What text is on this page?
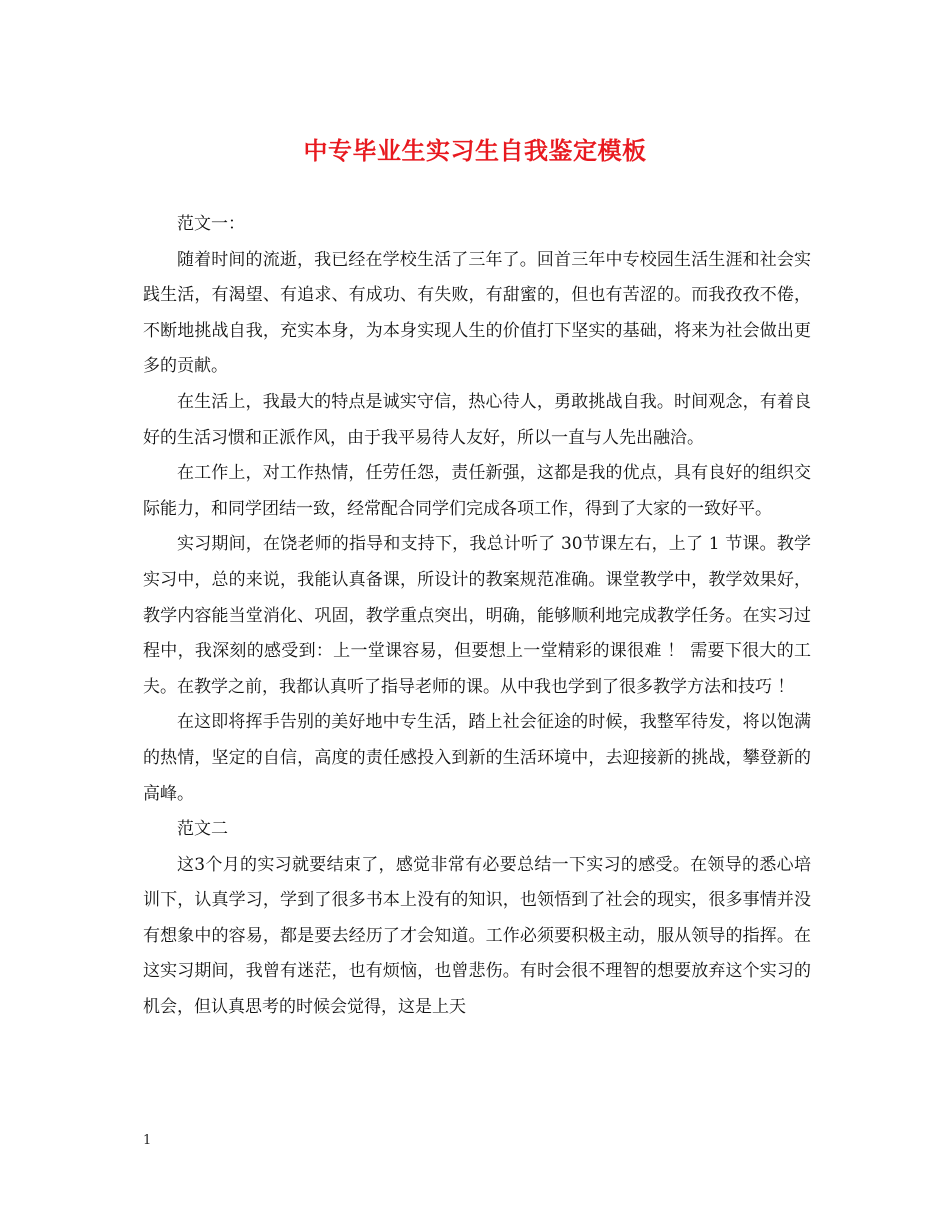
中专毕业生实习生自我鉴定模板

范文一：

随着时间的流逝，我已经在学校生活了三年了。回首三年中专校园生活生涯和社会实践生活，有渴望、有追求、有成功、有失败，有甜蜜的，但也有苦涩的。而我孜孜不倦，不断地挑战自我，充实本身，为本身实现人生的价值打下坚实的基础，将来为社会做出更多的贡献。

在生活上，我最大的特点是诚实守信，热心待人，勇敢挑战自我。时间观念，有着良好的生活习惯和正派作风，由于我平易待人友好，所以一直与人先出融洽。

在工作上，对工作热情，任劳任怨，责任新强，这都是我的优点，具有良好的组织交际能力，和同学团结一致，经常配合同学们完成各项工作，得到了大家的一致好平。

实习期间，在饶老师的指导和支持下，我总计听了 30节课左右，上了 1 节课。教学实习中，总的来说，我能认真备课，所设计的教案规范准确。课堂教学中，教学效果好，教学内容能当堂消化、巩固，教学重点突出，明确，能够顺利地完成教学任务。在实习过程中，我深刻的感受到：上一堂课容易，但要想上一堂精彩的课很难 ！ 需要下很大的工夫。在教学之前，我都认真听了指导老师的课。从中我也学到了很多教学方法和技巧 ！

在这即将挥手告别的美好地中专生活，踏上社会征途的时候，我整军待发，将以饱满的热情，坚定的自信，高度的责任感投入到新的生活环境中，去迎接新的挑战，攀登新的高峰。

范文二

这3个月的实习就要结束了，感觉非常有必要总结一下实习的感受。在领导的悉心培训下，认真学习，学到了很多书本上没有的知识，也领悟到了社会的现实，很多事情并没有想象中的容易，都是要去经历了才会知道。工作必须要积极主动，服从领导的指挥。在这实习期间，我曾有迷茫，也有烦恼，也曾悲伤。有时会很不理智的想要放弃这个实习的机会，但认真思考的时候会觉得，这是上天

1
